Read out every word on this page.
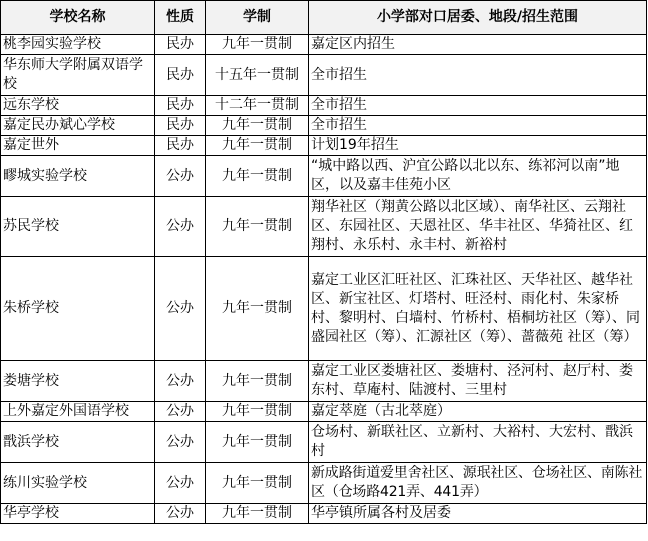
学校名称	性质	学制	小学部对口居委、地段/招生范围
桃李园实验学校	民办	九年一贯制	嘉定区内招生
华东师大学附属双语学校	民办	十五年一贯制	全市招生
远东学校	民办	十二年一贯制	全市招生
嘉定民办斌心学校	民办	九年一贯制	全市招生
嘉定世外	民办	九年一贯制	计划19年招生
疁城实验学校	公办	九年一贯制	“城中路以西、沪宜公路以北以东、练祁河以南”地区，以及嘉丰佳苑小区
苏民学校	公办	九年一贯制	翔华社区（翔黄公路以北区域）、南华社区、云翔社区、东园社区、天恩社区、华丰社区、华猗社区、红翔村、永乐村、永丰村、新裕村
朱桥学校	公办	九年一贯制	嘉定工业区汇旺社区、汇珠社区、天华社区、越华社区、新宝社区、灯塔村、旺泾村、雨化村、朱家桥村、黎明村、白墙村、竹桥村、梧桐坊社区（筹）、同盛园社区（筹）、汇源社区（筹）、蔷薇苑 社区（筹）
娄塘学校	公办	九年一贯制	嘉定工业区娄塘社区、娄塘村、泾河村、赵厅村、娄东村、草庵村、陆渡村、三里村
上外嘉定外国语学校	公办	九年一贯制	嘉定萃庭（古北萃庭）
戬浜学校	公办	九年一贯制	仓场村、新联社区、立新村、大裕村、大宏村、戬浜村
练川实验学校	公办	九年一贯制	新成路街道爱里舍社区、源珉社区、仓场社区、南陈社区（仓场路421弄、441弄）
华亭学校	公办	九年一贯制	华亭镇所属各村及居委
